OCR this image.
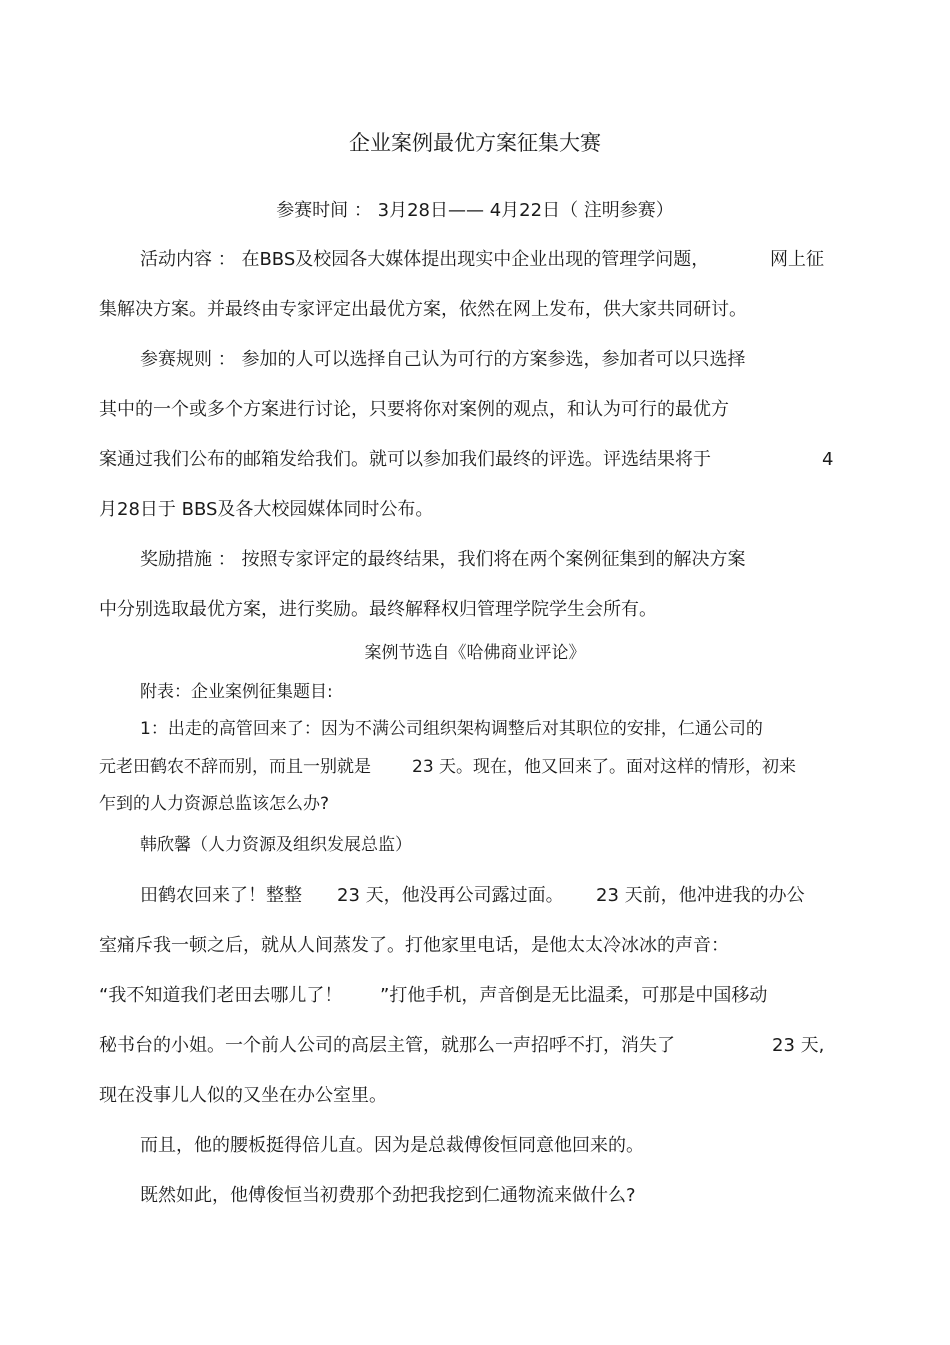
企业案例最优方案征集大赛
参赛时间 ： 3月28日—— 4月22日（ 注明参赛）
活动内容 ： 在BBS及校园各大媒体提出现实中企业出现的管理学问题，	网上征
集解决方案。并最终由专家评定出最优方案，依然在网上发布，供大家共同研讨。
参赛规则 ： 参加的人可以选择自己认为可行的方案参选，参加者可以只选择
其中的一个或多个方案进行讨论，只要将你对案例的观点，和认为可行的最优方
案通过我们公布的邮箱发给我们。就可以参加我们最终的评选。评选结果将于	4
月28日于 BBS及各大校园媒体同时公布。
奖励措施 ： 按照专家评定的最终结果，我们将在两个案例征集到的解决方案
中分别选取最优方案，进行奖励。最终解释权归管理学院学生会所有。
案例节选自《哈佛商业评论》
附表：企业案例征集题目:
1：出走的高管回来了：因为不满公司组织架构调整后对其职位的安排，仁通公司的
元老田鹤农不辞而别，而且一别就是 23 天。现在，他又回来了。面对这样的情形，初来
乍到的人力资源总监该怎么办?
韩欣馨（人力资源及组织发展总监）
田鹤农回来了！整整 23 天，他没再公司露过面。 23 天前，他冲进我的办公
室痛斥我一顿之后，就从人间蒸发了。打他家里电话，是他太太冷冰冰的声音：
“我不知道我们老田去哪儿了！ ”打他手机，声音倒是无比温柔，可那是中国移动
秘书台的小姐。一个前人公司的高层主管，就那么一声招呼不打，消失了	23 天,
现在没事儿人似的又坐在办公室里。
而且，他的腰板挺得倍儿直。因为是总裁傅俊恒同意他回来的。
既然如此，他傅俊恒当初费那个劲把我挖到仁通物流来做什么?
